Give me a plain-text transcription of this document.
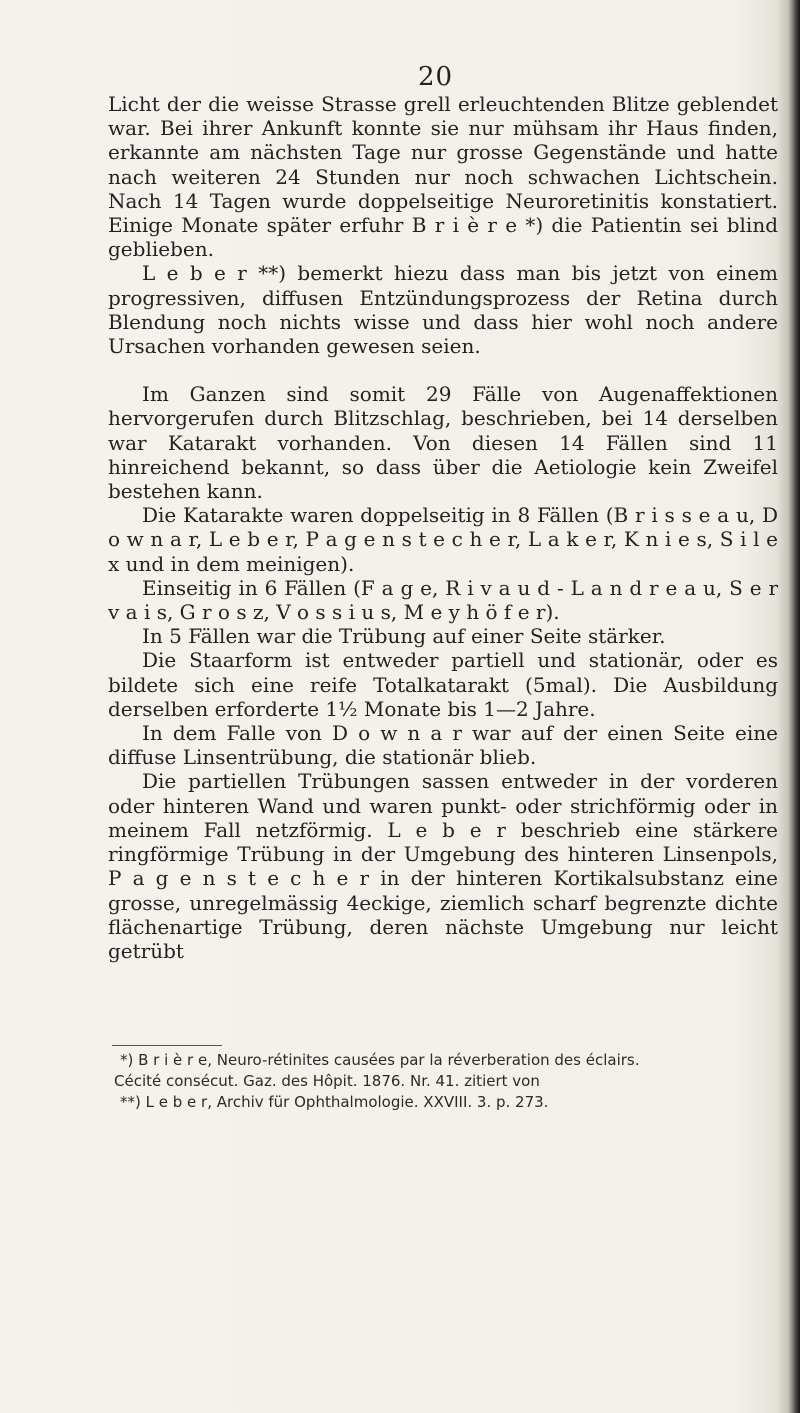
20

Licht der die weisse Strasse grell erleuchtenden Blitze geblendet war. Bei ihrer Ankunft konnte sie nur mühsam ihr Haus finden, erkannte am nächsten Tage nur grosse Gegenstände und hatte nach weiteren 24 Stunden nur noch schwachen Lichtschein. Nach 14 Tagen wurde doppelseitige Neuroretinitis konstatiert. Einige Monate später erfuhr B r i è r e *) die Patientin sei blind geblieben.

L e b e r **) bemerkt hiezu dass man bis jetzt von einem progressiven, diffusen Entzündungsprozess der Retina durch Blendung noch nichts wisse und dass hier wohl noch andere Ursachen vorhanden gewesen seien.

Im Ganzen sind somit 29 Fälle von Augenaffektionen hervorgerufen durch Blitzschlag, beschrieben, bei 14 derselben war Katarakt vorhanden. Von diesen 14 Fällen sind 11 hinreichend bekannt, so dass über die Aetiologie kein Zweifel bestehen kann.

Die Katarakte waren doppelseitig in 8 Fällen (B r i s s e a u, D o w n a r, L e b e r, P a g e n s t e c h e r, L a k e r, K n i e s, S i l e x und in dem meinigen).

Einseitig in 6 Fällen (F a g e, R i v a u d - L a n d r e a u, S e r v a i s, G r o s z, V o s s i u s, M e y h ö f e r).

In 5 Fällen war die Trübung auf einer Seite stärker.

Die Staarform ist entweder partiell und stationär, oder es bildete sich eine reife Totalkatarakt (5mal). Die Ausbildung derselben erforderte 1½ Monate bis 1—2 Jahre.

In dem Falle von D o w n a r war auf der einen Seite eine diffuse Linsentrübung, die stationär blieb.

Die partiellen Trübungen sassen entweder in der vorderen oder hinteren Wand und waren punkt- oder strichförmig oder in meinem Fall netzförmig. L e b e r beschrieb eine stärkere ringförmige Trübung in der Umgebung des hinteren Linsenpols, P a g e n s t e c h e r in der hinteren Kortikalsubstanz eine grosse, unregelmässig 4eckige, ziemlich scharf begrenzte dichte flächenartige Trübung, deren nächste Umgebung nur leicht getrübt

*) B r i è r e, Neuro-rétinites causées par la réverberation des éclairs.

Cécité consécut. Gaz. des Hôpit. 1876. Nr. 41. zitiert von

**) L e b e r, Archiv für Ophthalmologie. XXVIII. 3. p. 273.
